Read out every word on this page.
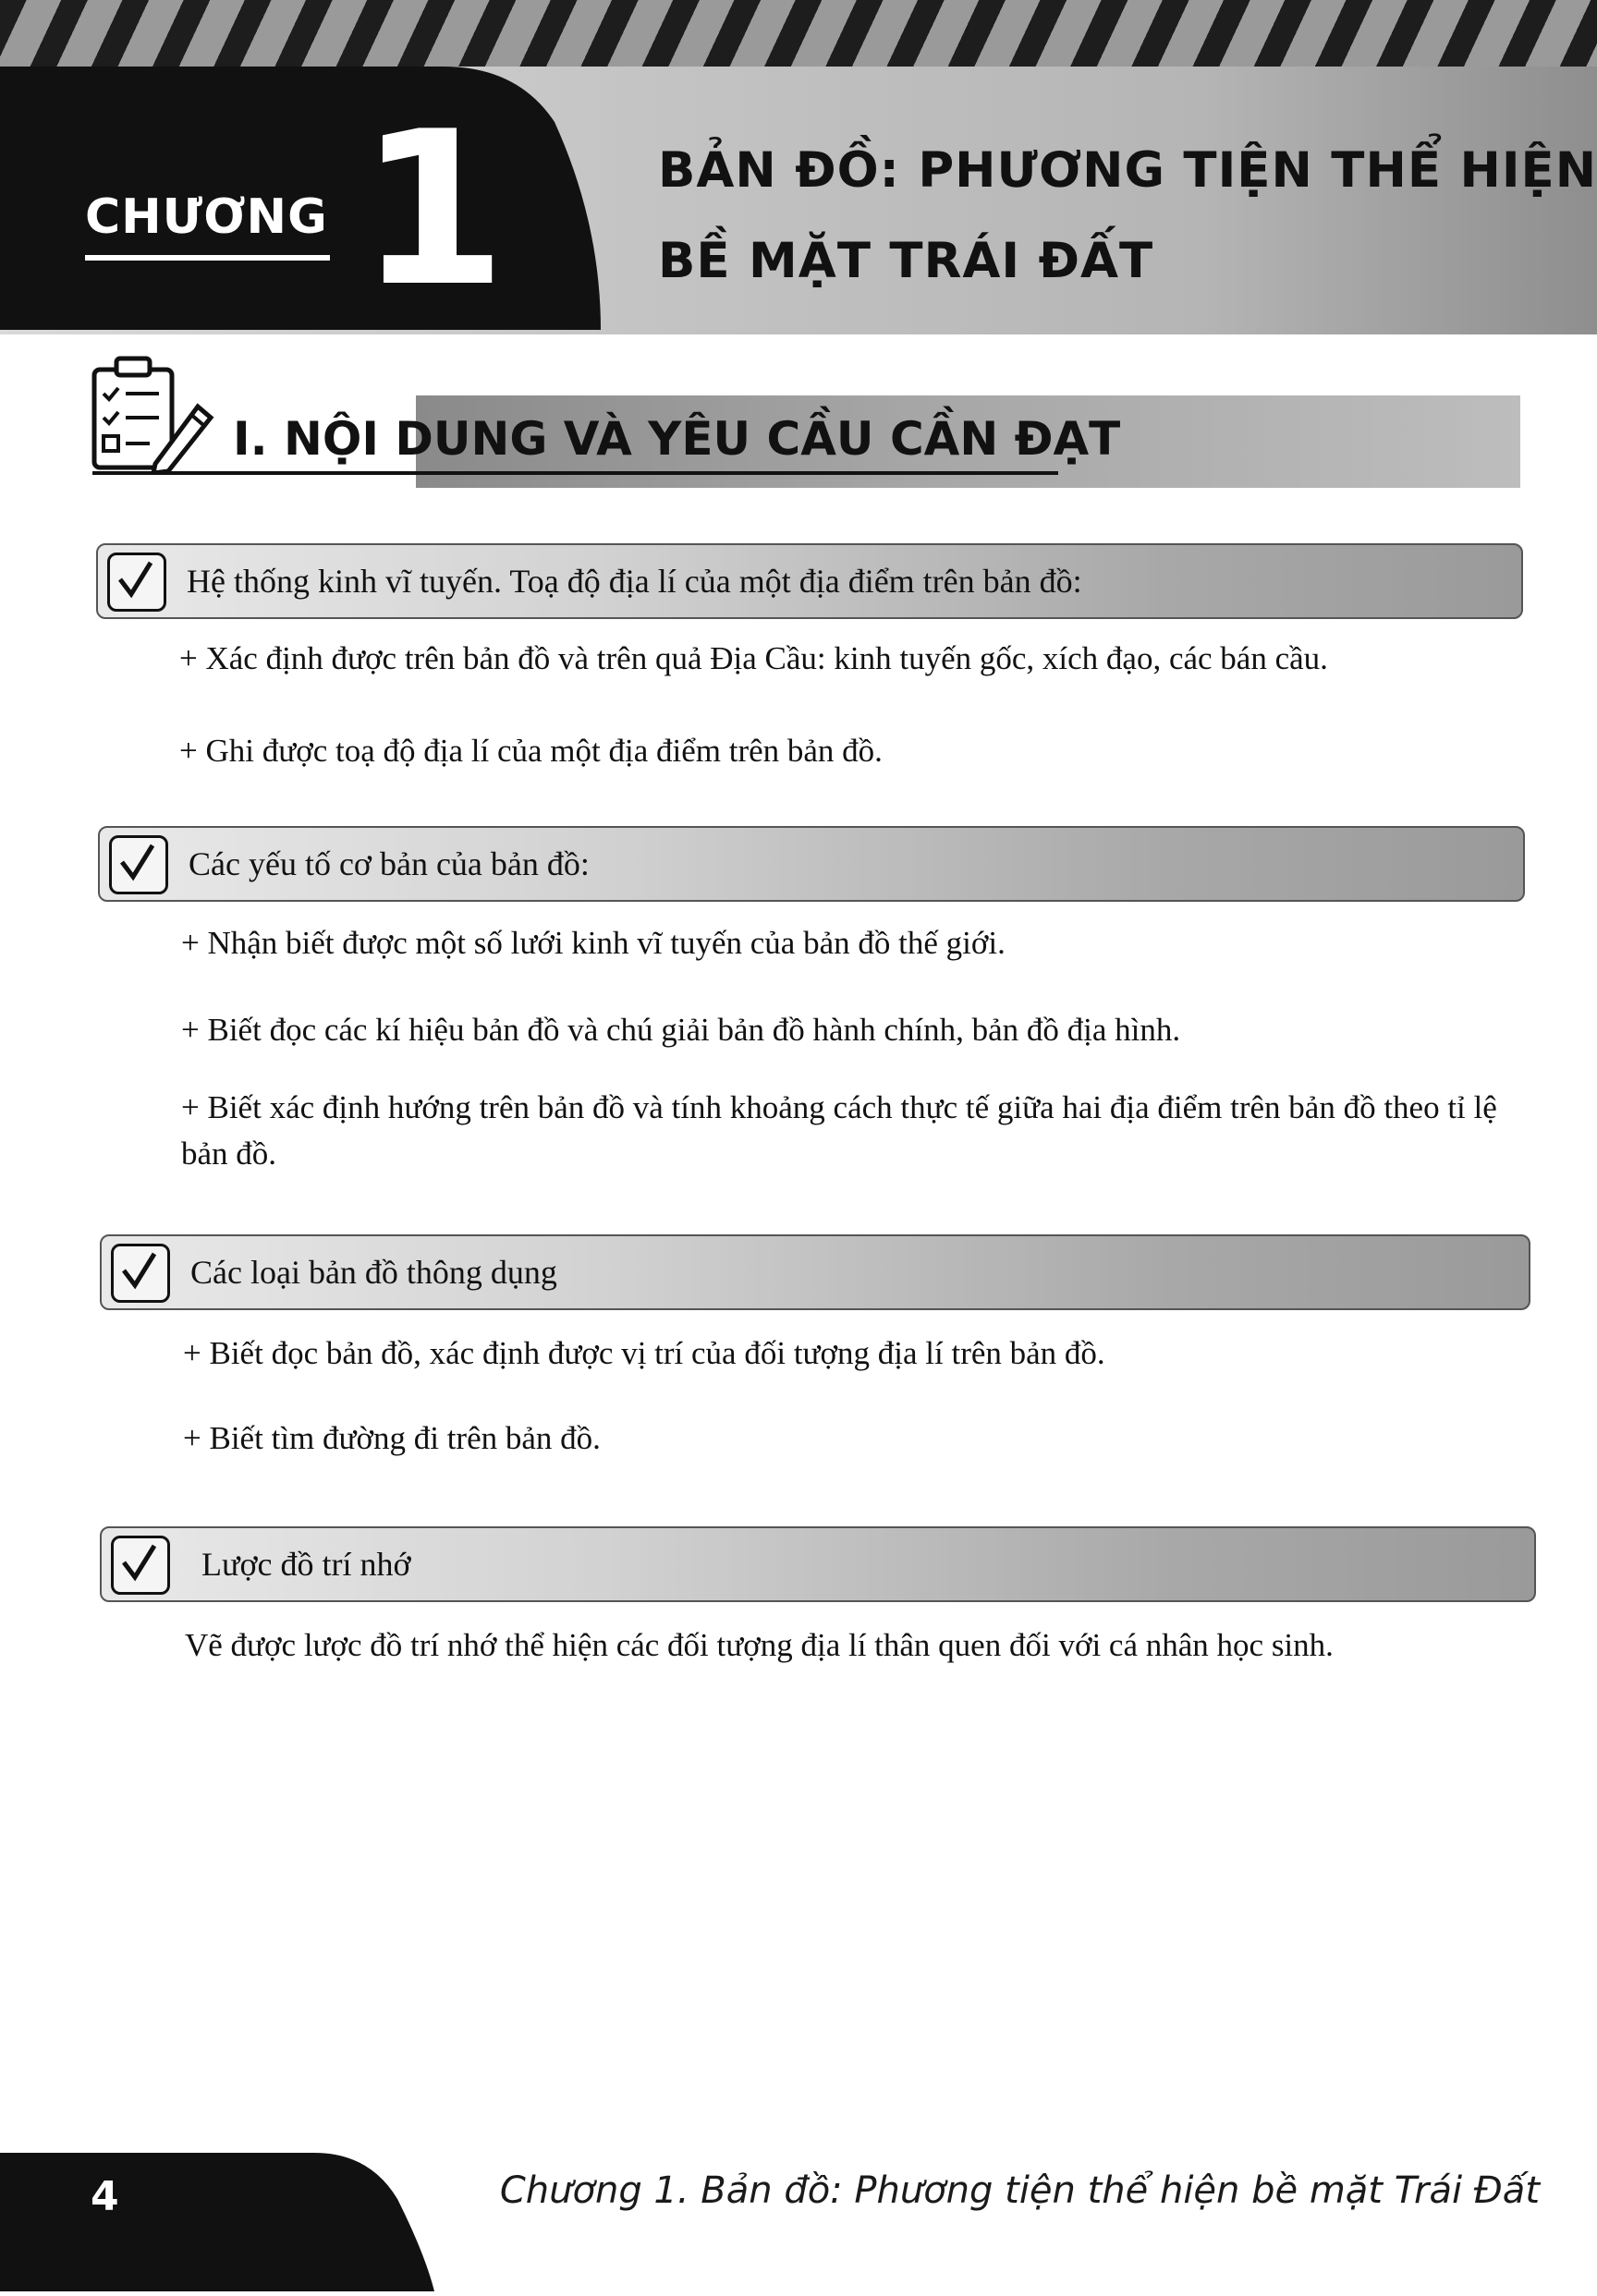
CHƯƠNG 1	BẢN ĐỒ: PHƯƠNG TIỆN THỂ HIỆN
BỀ MẶT TRÁI ĐẤT
I. NỘI DUNG VÀ YÊU CẦU CẦN ĐẠT
Hệ thống kinh vĩ tuyến. Toạ độ địa lí của một địa điểm trên bản đồ:
+ Xác định được trên bản đồ và trên quả Địa Cầu: kinh tuyến gốc, xích đạo, các bán cầu.
+ Ghi được toạ độ địa lí của một địa điểm trên bản đồ.
Các yếu tố cơ bản của bản đồ:
+ Nhận biết được một số lưới kinh vĩ tuyến của bản đồ thế giới.
+ Biết đọc các kí hiệu bản đồ và chú giải bản đồ hành chính, bản đồ địa hình.
+ Biết xác định hướng trên bản đồ và tính khoảng cách thực tế giữa hai địa điểm trên bản đồ theo tỉ lệ bản đồ.
Các loại bản đồ thông dụng
+ Biết đọc bản đồ, xác định được vị trí của đối tượng địa lí trên bản đồ.
+ Biết tìm đường đi trên bản đồ.
Lược đồ trí nhớ
Vẽ được lược đồ trí nhớ thể hiện các đối tượng địa lí thân quen đối với cá nhân học sinh.
4	Chương 1. Bản đồ: Phương tiện thể hiện bề mặt Trái Đất
